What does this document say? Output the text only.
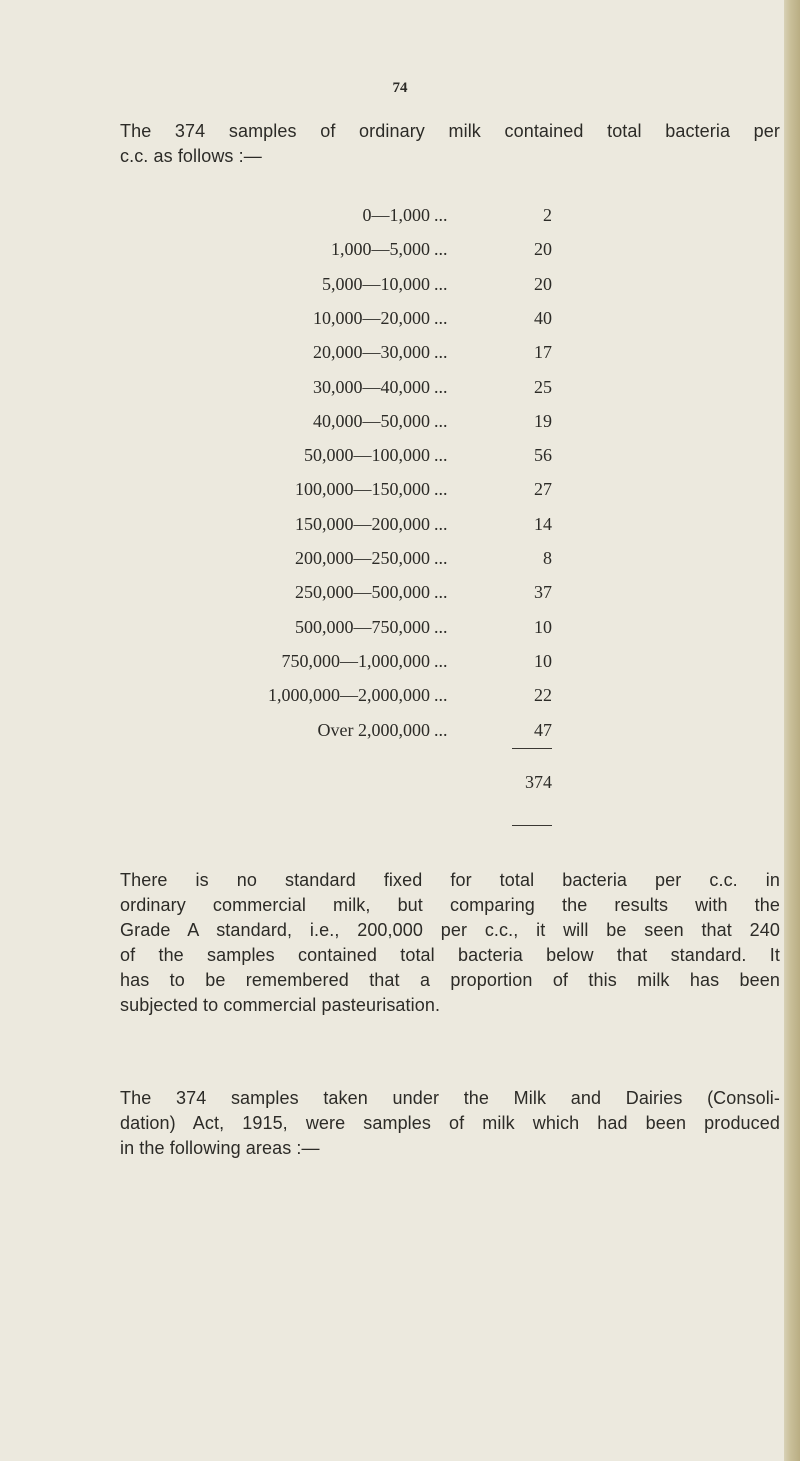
74
The 374 samples of ordinary milk contained total bacteria per
c.c. as follows :—
0—1,000 ...	2
1,000—5,000 ...	20
5,000—10,000 ...	20
10,000—20,000 ...	40
20,000—30,000 ...	17
30,000—40,000 ...	25
40,000—50,000 ...	19
50,000—100,000 ...	56
100,000—150,000 ...	27
150,000—200,000 ...	14
200,000—250,000 ...	8
250,000—500,000 ...	37
500,000—750,000 ...	10
750,000—1,000,000 ...	10
1,000,000—2,000,000 ...	22
Over 2,000,000 ...	47
374
There is no standard fixed for total bacteria per c.c. in
ordinary commercial milk, but comparing the results with the
Grade A standard, i.e., 200,000 per c.c., it will be seen that 240
of the samples contained total bacteria below that standard. It
has to be remembered that a proportion of this milk has been
subjected to commercial pasteurisation.
The 374 samples taken under the Milk and Dairies (Consoli-
dation) Act, 1915, were samples of milk which had been produced
in the following areas :—
